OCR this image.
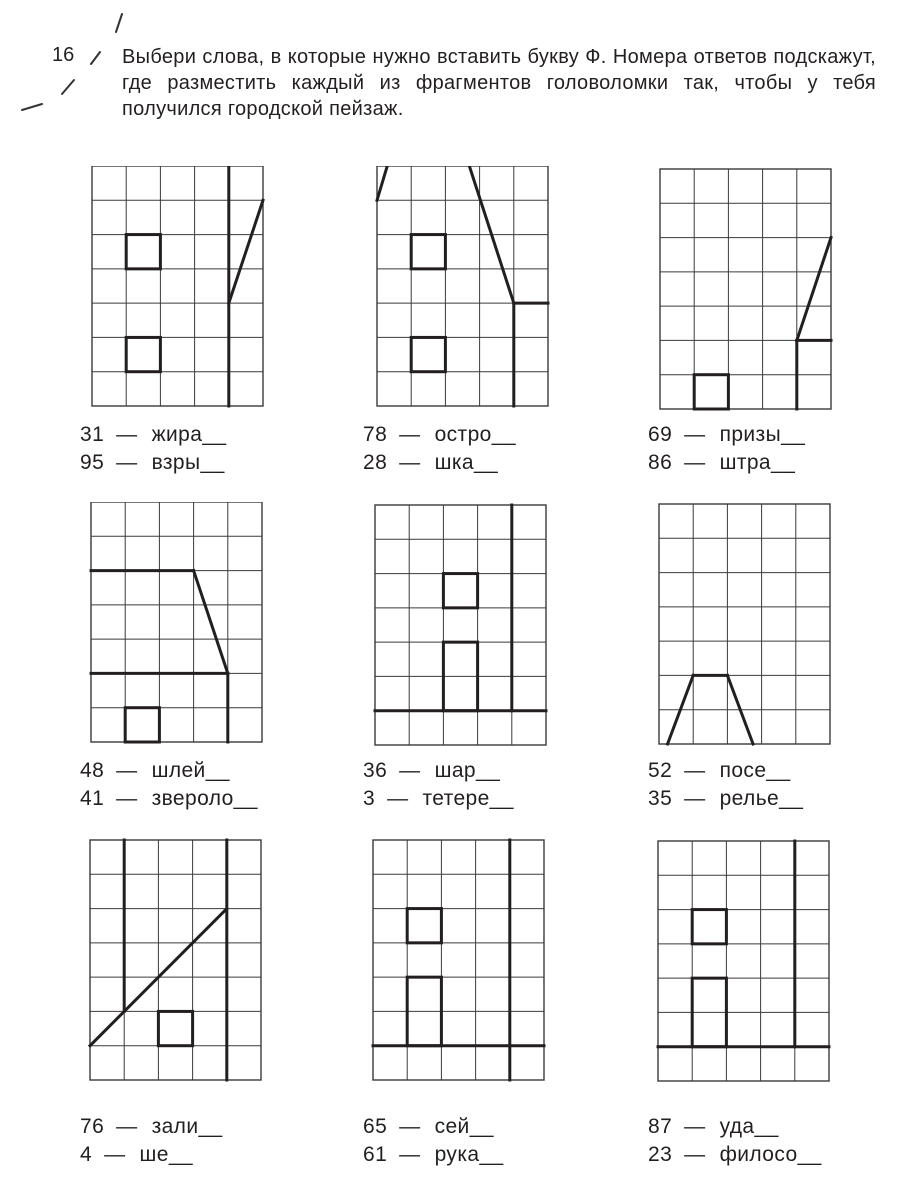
16 Выбери слова, в которые нужно вставить букву Ф. Номера ответов подскажут, где разместить каждый из фрагментов головоломки так, чтобы у тебя получился городской пейзаж.
31 — жира__
95 — взры__
78 — остро__
28 — шка__
69 — призы__
86 — штра__
48 — шлей__
41 — звероло__
36 — шар__
3 — тетере__
52 — посе__
35 — релье__
76 — зали__
4 — ше__
65 — сей__
61 — рука__
87 — уда__
23 — филосо__
